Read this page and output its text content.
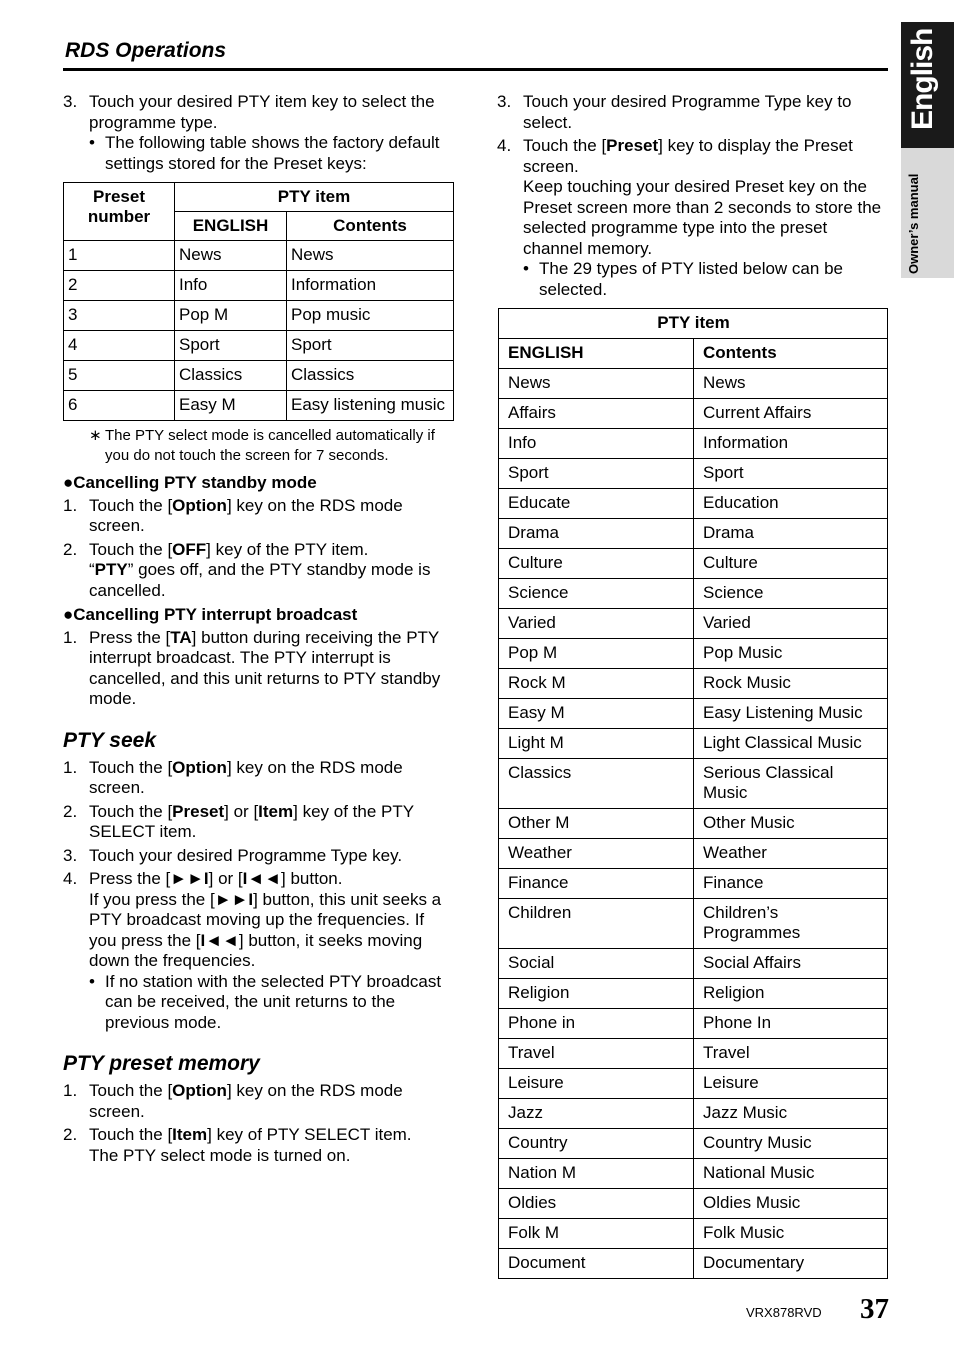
RDS Operations	English
Owner’s manual
3. Touch your desired PTY item key to select the programme type.
• The following table shows the factory default settings stored for the Preset keys:
Preset number	PTY item	
	ENGLISH	Contents
1	News	News
2	Info	Information
3	Pop M	Pop music
4	Sport	Sport
5	Classics	Classics
6	Easy M	Easy listening music
∗ The PTY select mode is cancelled automatically if you do not touch the screen for 7 seconds.
●Cancelling PTY standby mode
1. Touch the [Option] key on the RDS mode screen.
2. Touch the [OFF] key of the PTY item.
“PTY” goes off, and the PTY standby mode is cancelled.
●Cancelling PTY interrupt broadcast
1. Press the [TA] button during receiving the PTY interrupt broadcast. The PTY interrupt is cancelled, and this unit returns to PTY standby mode.
PTY seek
1. Touch the [Option] key on the RDS mode screen.
2. Touch the [Preset] or [Item] key of the PTY SELECT item.
3. Touch your desired Programme Type key.
4. Press the [►►I] or [I◄◄] button.
If you press the [►►I] button, this unit seeks a PTY broadcast moving up the frequencies. If you press the [I◄◄] button, it seeks moving down the frequencies.
• If no station with the selected PTY broadcast can be received, the unit returns to the previous mode.
PTY preset memory
1. Touch the [Option] key on the RDS mode screen.
2. Touch the [Item] key of PTY SELECT item.
The PTY select mode is turned on.
3. Touch your desired Programme Type key to select.
4. Touch the [Preset] key to display the Preset screen.
Keep touching your desired Preset key on the Preset screen more than 2 seconds to store the selected programme type into the preset channel memory.
• The 29 types of PTY listed below can be selected.
PTY item	
ENGLISH	Contents
News	News
Affairs	Current Affairs
Info	Information
Sport	Sport
Educate	Education
Drama	Drama
Culture	Culture
Science	Science
Varied	Varied
Pop M	Pop Music
Rock M	Rock Music
Easy M	Easy Listening Music
Light M	Light Classical Music
Classics	Serious Classical Music
Other M	Other Music
Weather	Weather
Finance	Finance
Children	Children’s Programmes
Social	Social Affairs
Religion	Religion
Phone in	Phone In
Travel	Travel
Leisure	Leisure
Jazz	Jazz Music
Country	Country Music
Nation M	National Music
Oldies	Oldies Music
Folk M	Folk Music
Document	Documentary
VRX878RVD 37
